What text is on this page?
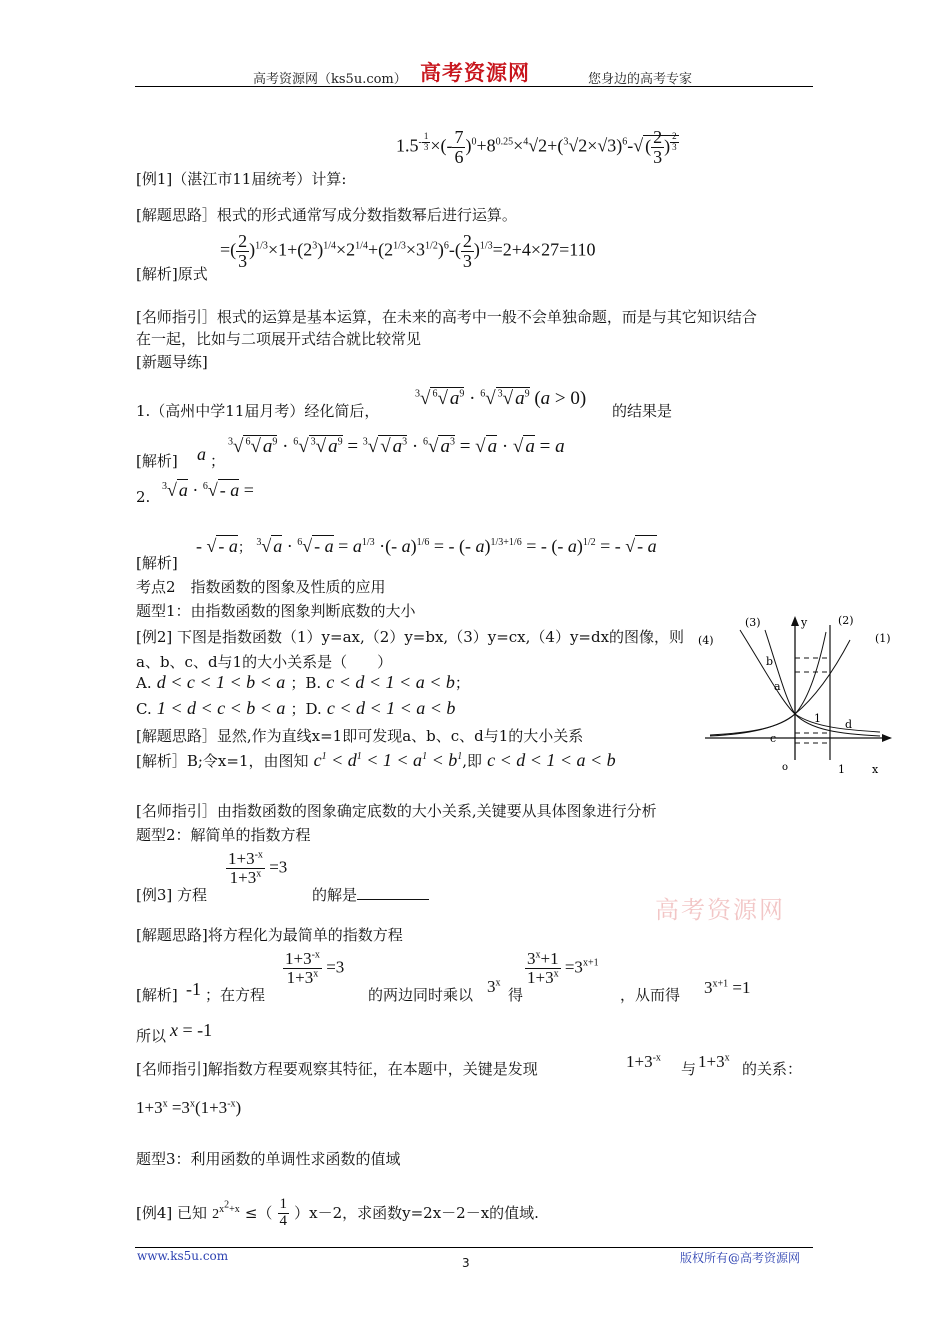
高考资源网（ks5u.com） 高考资源网	您身边的高考专家
$1.5^{- \frac{1}{3}}$ ×(- $\frac{7}{6} )^0+8^{0.25}\times^4√2+(^3√2\times√3)^6-√$ ( $\frac{2}{3}$ ) $^{\frac{2}{3}}$
[例1]（湛江市11届统考）计算:
[解题思路］根式的形式通常写成分数指数幂后进行运算。
=( $\frac{2}{3} )^{1/3}\times 1+(2^3)^{1/4}\times 2^{1/4}+(2^{1/3}\times 3^{1/2})^6-( \frac{2}{3} )^{1/3}=2+4\times 27=110$
[解析]原式
[名师指引］根式的运算是基本运算，在未来的高考中一般不会单独命题，而是与其它知识结合
在一起，比如与二项展开式结合就比较常见
[新题导练]
1.（高州中学11届月考）经化简后，
$^3$√ $^6$√ $a^9 \cdot ^6√$ $^3$√ $a^9$ (a > 0)
的结果是
[解析] a ；
$^3$√ $^6$√ $a^9 \cdot ^6√$ $^3$√ $a^9 = ^3√$ √ $a^3 \cdot ^6√$ $a^3$ = √ a · √ a = a
2.
$^3$√ a · $^6$√ - a =
[解析]
- √ - a； $^3$√ $a \cdot ^6√ - a = a^{1/3}$ ·(- a)$^{1/6}$ = - (- a)$^{1/3+1/6}$ = - (- a)$^{1/2}$ = - √ - a
考点2　指数函数的图象及性质的应用
题型1：由指数函数的图象判断底数的大小
[例2] 下图是指数函数（1）y=ax,（2）y=bx,（3）y=cx,（4）y=dx的图像，则
a、b、c、d与1的大小关系是（　　）
A. d < c < 1 < b < a ；B. c < d < 1 < a < b；
C. 1 < d < c < b < a ；D. c < d < 1 < a < b
[解题思路］显然,作为直线x=1即可发现a、b、c、d与1的大小关系
[解析］B;令x=1，由图知 $c^1 < d^1 < 1 < a^1 < b^1$,即 c < d < 1 < a < b
[名师指引］由指数函数的图象确定底数的大小关系,关键要从具体图象进行分析
(3)
(4)
(2)
(1)
y
x
o	1
1
a
b
c
d
题型2：解简单的指数方程
[例3] 方程
$\frac{1+3^{-x}}{1+3^x} =3$
的解是
高考资源网
[解题思路]将方程化为最简单的指数方程
[解析] -1 ；在方程
$\frac{1+3^{-x}}{1+3^x} =3$
的两边同时乘以 3$^x$
得
$\frac{3^x+1}{1+3^x} =3^{x+1}$
，从而得 $3^{x+1} =1$
所以 x = -1
[名师指引]解指数方程要观察其特征，在本题中，关键是发现	$1+3^{-x}$
与 $1+3^x$
的关系：
$1+3^x =3^x(1+3^{-x})$
题型3：利用函数的单调性求函数的值域
[例4] 已知 $2^{x^2+x}$ ≤（ $\frac{1}{4} )x-2$，求函数y=2x－2－x的值域.
www.ks5u.com	3	版权所有@高考资源网
